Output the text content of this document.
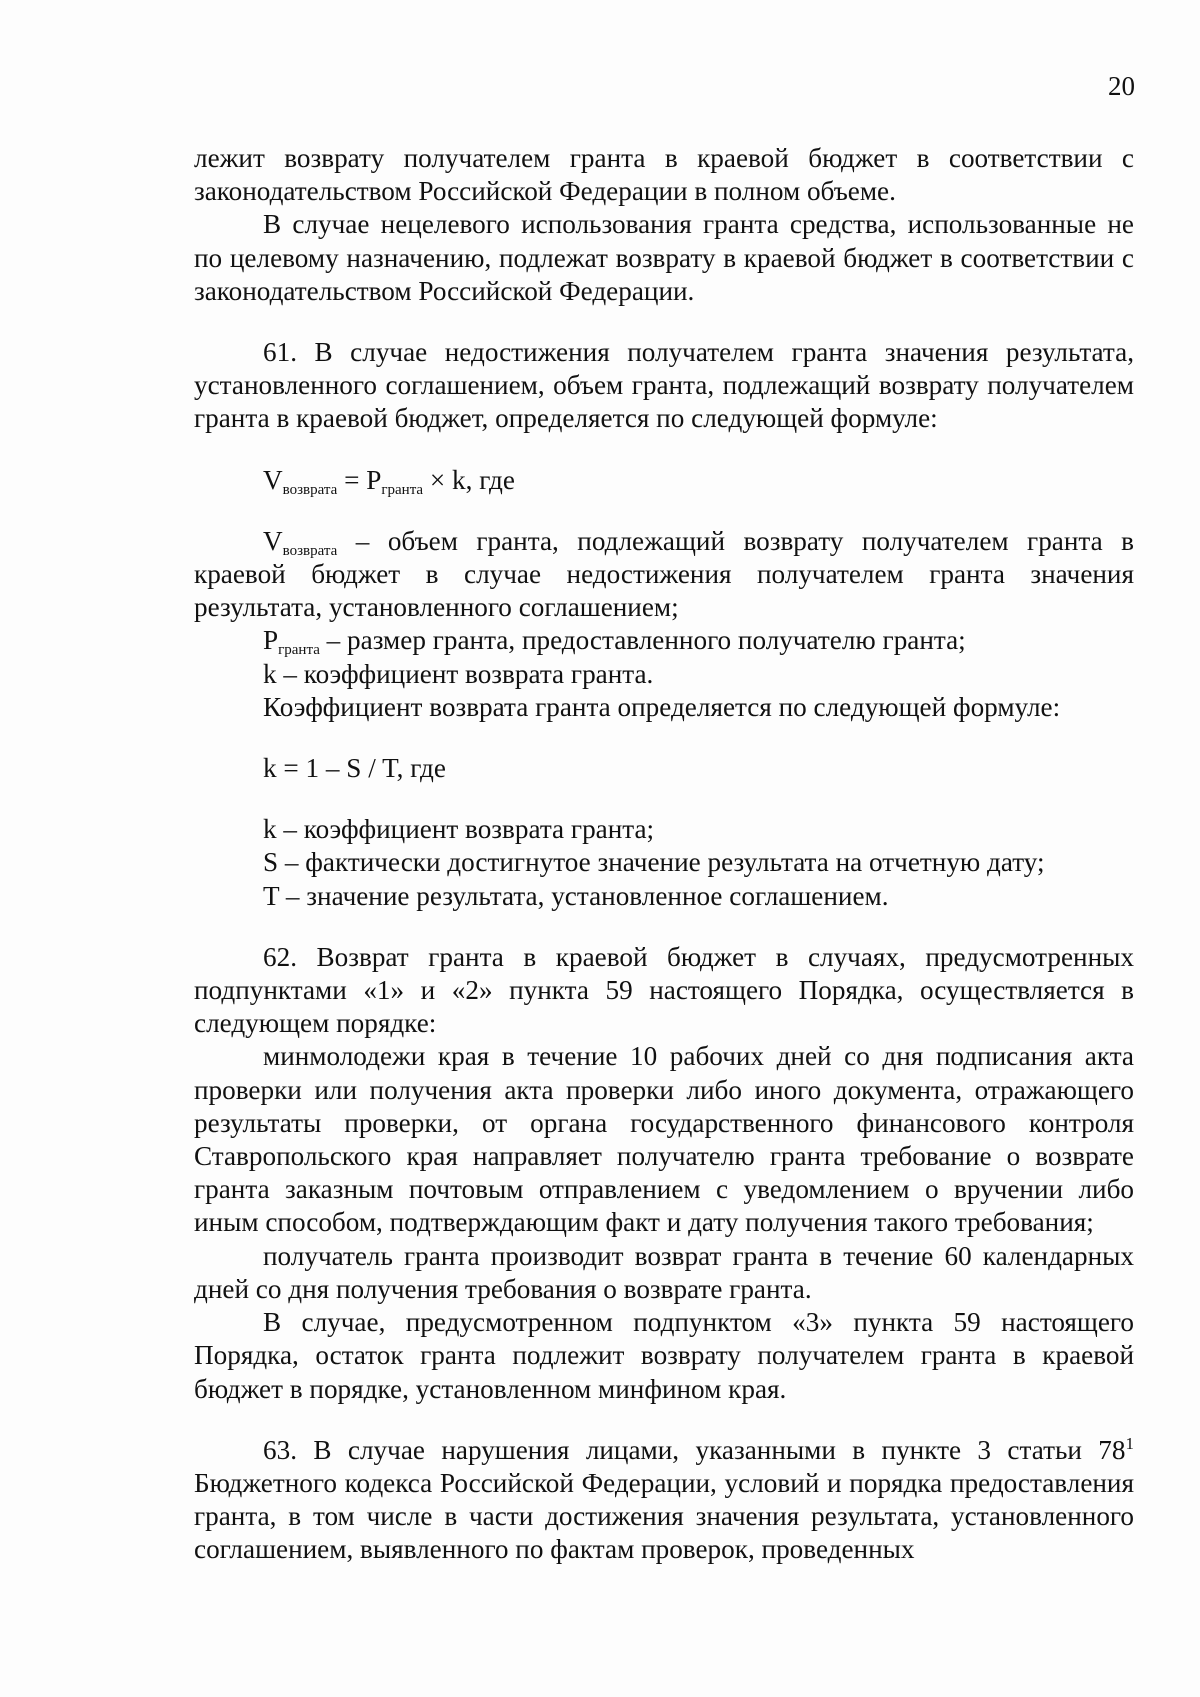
20

лежит возврату получателем гранта в краевой бюджет в соответствии с законодательством Российской Федерации в полном объеме.

В случае нецелевого использования гранта средства, использованные не по целевому назначению, подлежат возврату в краевой бюджет в соответствии с законодательством Российской Федерации.

61. В случае недостижения получателем гранта значения результата, установленного соглашением, объем гранта, подлежащий возврату получателем гранта в краевой бюджет, определяется по следующей формуле:

$V_{возврата} = P_{гранта} \times k$, где

$V_{возврата}$ – объем гранта, подлежащий возврату получателем гранта в краевой бюджет в случае недостижения получателем гранта значения результата, установленного соглашением;

$P_{гранта}$ – размер гранта, предоставленного получателю гранта;

k – коэффициент возврата гранта.

Коэффициент возврата гранта определяется по следующей формуле:

k = 1 – S / T, где

k – коэффициент возврата гранта;

S – фактически достигнутое значение результата на отчетную дату;

T – значение результата, установленное соглашением.

62. Возврат гранта в краевой бюджет в случаях, предусмотренных подпунктами «1» и «2» пункта 59 настоящего Порядка, осуществляется в следующем порядке:

минмолодежи края в течение 10 рабочих дней со дня подписания акта проверки или получения акта проверки либо иного документа, отражающего результаты проверки, от органа государственного финансового контроля Ставропольского края направляет получателю гранта требование о возврате гранта заказным почтовым отправлением с уведомлением о вручении либо иным способом, подтверждающим факт и дату получения такого требования;

получатель гранта производит возврат гранта в течение 60 календарных дней со дня получения требования о возврате гранта.

В случае, предусмотренном подпунктом «3» пункта 59 настоящего Порядка, остаток гранта подлежит возврату получателем гранта в краевой бюджет в порядке, установленном минфином края.

63. В случае нарушения лицами, указанными в пункте 3 статьи $78^1$ Бюджетного кодекса Российской Федерации, условий и порядка предоставления гранта, в том числе в части достижения значения результата, установленного соглашением, выявленного по фактам проверок, проведенных
